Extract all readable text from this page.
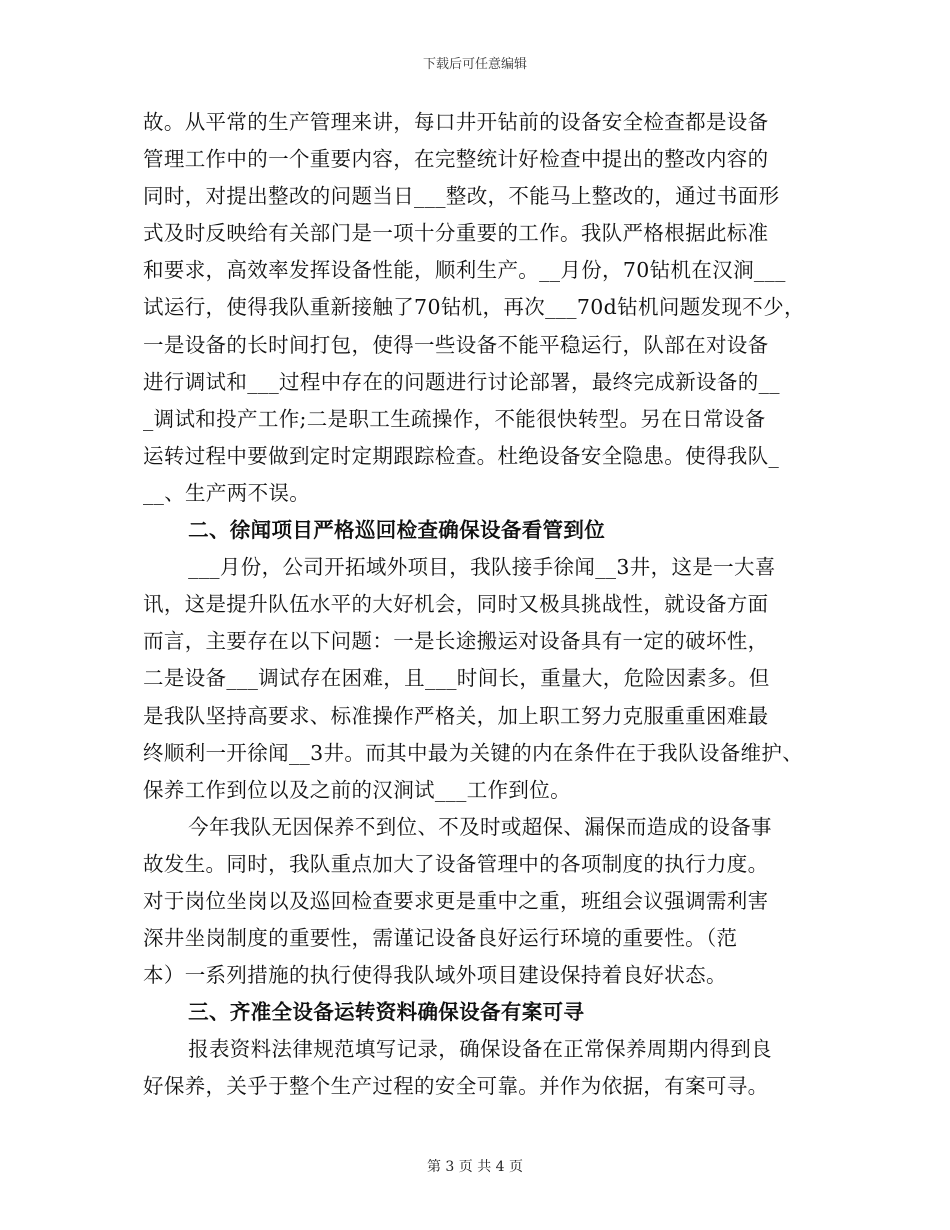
下载后可任意编辑
故。从平常的生产管理来讲，每口井开钻前的设备安全检查都是设备
管理工作中的一个重要内容，在完整统计好检查中提出的整改内容的
同时，对提出整改的问题当日___整改，不能马上整改的，通过书面形
式及时反映给有关部门是一项十分重要的工作。我队严格根据此标准
和要求，高效率发挥设备性能，顺利生产。__月份，70钻机在汉涧___
试运行，使得我队重新接触了70钻机，再次___70d钻机问题发现不少，
一是设备的长时间打包，使得一些设备不能平稳运行，队部在对设备
进行调试和___过程中存在的问题进行讨论部署，最终完成新设备的__
_调试和投产工作;二是职工生疏操作，不能很快转型。另在日常设备
运转过程中要做到定时定期跟踪检查。杜绝设备安全隐患。使得我队_
__、生产两不误。
二、徐闻项目严格巡回检查确保设备看管到位
___月份，公司开拓域外项目，我队接手徐闻__3井，这是一大喜
讯，这是提升队伍水平的大好机会，同时又极具挑战性，就设备方面
而言，主要存在以下问题：一是长途搬运对设备具有一定的破坏性，
二是设备___调试存在困难，且___时间长，重量大，危险因素多。但
是我队坚持高要求、标准操作严格关，加上职工努力克服重重困难最
终顺利一开徐闻__3井。而其中最为关键的内在条件在于我队设备维护、
保养工作到位以及之前的汉涧试___工作到位。
今年我队无因保养不到位、不及时或超保、漏保而造成的设备事
故发生。同时，我队重点加大了设备管理中的各项制度的执行力度。
对于岗位坐岗以及巡回检查要求更是重中之重，班组会议强调需利害
深井坐岗制度的重要性，需谨记设备良好运行环境的重要性。（范
本）一系列措施的执行使得我队域外项目建设保持着良好状态。
三、齐准全设备运转资料确保设备有案可寻
报表资料法律规范填写记录，确保设备在正常保养周期内得到良
好保养，关乎于整个生产过程的安全可靠。并作为依据，有案可寻。
第 3 页 共 4 页
